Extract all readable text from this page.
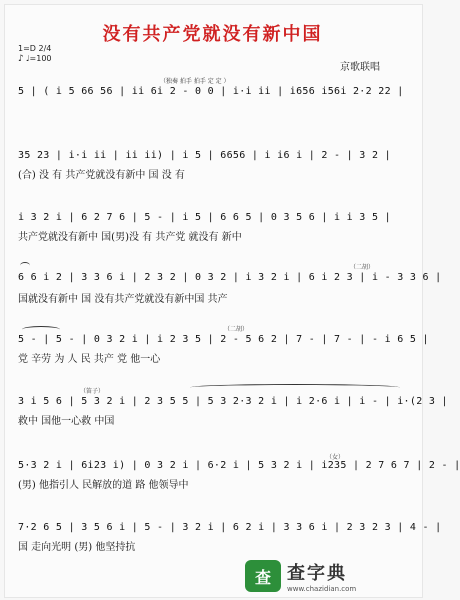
没有共产党就没有新中国
京歌联唱
1=D 2/4
♪ ♩=100
（独奏 拍手 拍手 定 定 ）
5 | ( i 5 66 56 | ii 6i 2 - 0 0 | i·i ii | i656 i56i 2·2 22 |
35 23 | i·i ii | ii ii) | i 5 | 6656 | i i6 i | 2 - | 3 2 |
(合) 没 有 共产党就没有新中 国 没 有
i 3 2 i | 6 2 7 6 | 5 - | i 5 | 6 6 5 | 0 3 5 6 | i i 3 5 |
共产党就没有新中 国(男)没 有 共产党 就没有 新中
（二胡）
6 6 i 2 | 3 3 6 i | 2 3 2 | 0 3 2 | i 3 2 i | 6 i 2 3 | i - 3 3 6 |
国就没有新中 国 没有共产党就没有新中国 共产
（二胡）
5 - | 5 - | 0 3 2 i | i 2 3 5 | 2 - 5 6 2 | 7 - | 7 - | - i 6 5 |
党 辛劳 为 人 民 共产 党 他一心
（笛子）
3 i 5 6 | 5 3 2 i | 2 3 5 5 | 5 3 2·3 2 i | i 2·6 i | i - | i·(2 3 |
救中 国他一心救 中国
（女）
5·3 2 i | 6i23 i) | 0 3 2 i | 6·2 i | 5 3 2 i | i235 | 2 7 6 7 | 2 - |
(男) 他指引人 民解放的道 路 他领导中
7·2 6 5 | 3 5 6 i | 5 - | 3 2 i | 6 2 i | 3 3 6 i | 2 3 2 3 | 4 - |
国 走向光明 (男) 他坚持抗
查 查字典
www.chazidian.com
